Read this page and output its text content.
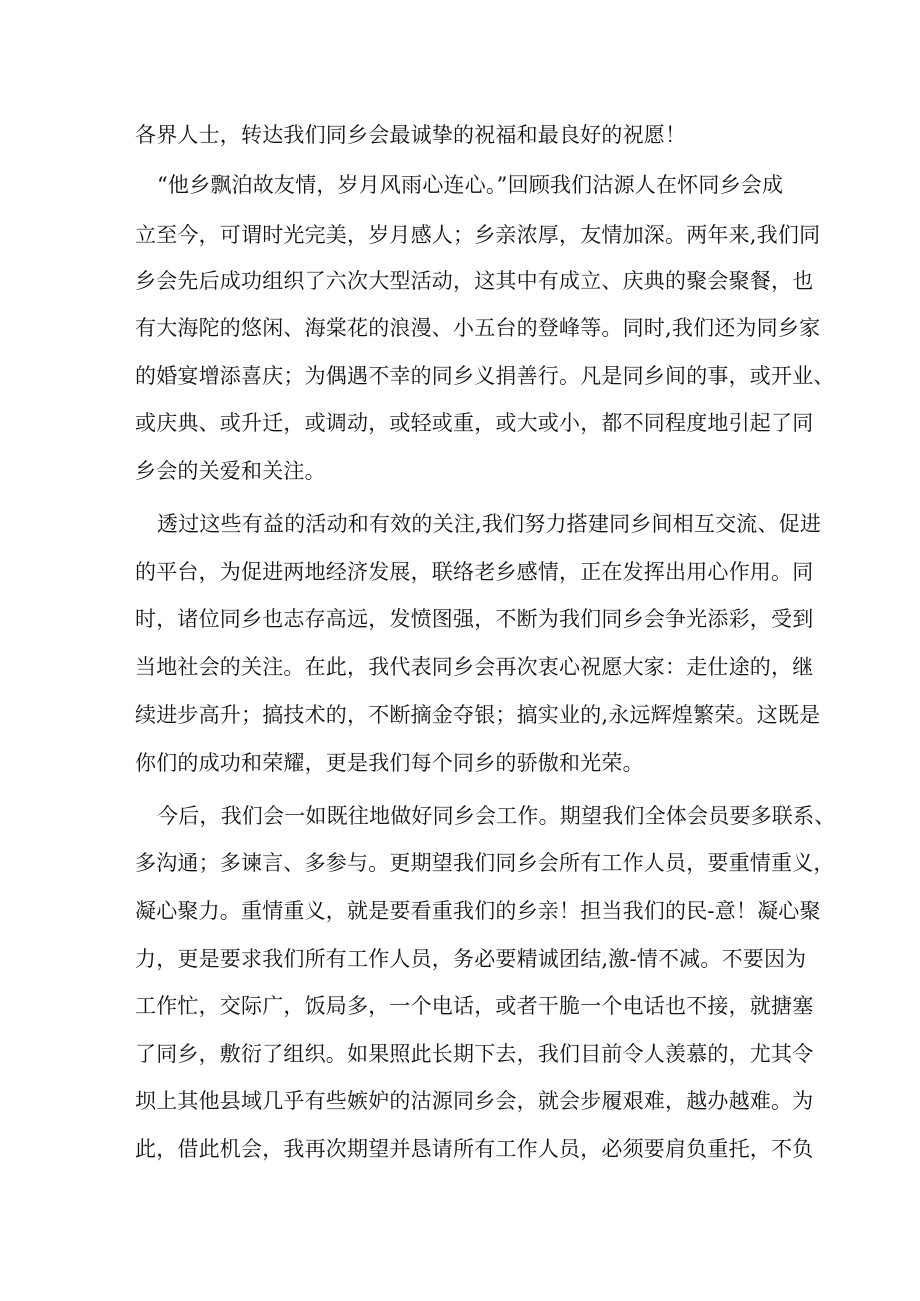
各界人士，转达我们同乡会最诚挚的祝福和最良好的祝愿！
“他乡飘泊故友情，岁月风雨心连心。”回顾我们沽源人在怀同乡会成
立至今，可谓时光完美，岁月感人；乡亲浓厚，友情加深。两年来,我们同
乡会先后成功组织了六次大型活动，这其中有成立、庆典的聚会聚餐，也
有大海陀的悠闲、海棠花的浪漫、小五台的登峰等。同时,我们还为同乡家
的婚宴增添喜庆；为偶遇不幸的同乡义捐善行。凡是同乡间的事，或开业、
或庆典、或升迁，或调动，或轻或重，或大或小，都不同程度地引起了同
乡会的关爱和关注。
透过这些有益的活动和有效的关注,我们努力搭建同乡间相互交流、促进
的平台，为促进两地经济发展，联络老乡感情，正在发挥出用心作用。同
时，诸位同乡也志存高远，发愤图强，不断为我们同乡会争光添彩，受到
当地社会的关注。在此，我代表同乡会再次衷心祝愿大家：走仕途的，继
续进步高升；搞技术的，不断摘金夺银；搞实业的,永远辉煌繁荣。这既是
你们的成功和荣耀，更是我们每个同乡的骄傲和光荣。
今后，我们会一如既往地做好同乡会工作。期望我们全体会员要多联系、
多沟通；多谏言、多参与。更期望我们同乡会所有工作人员，要重情重义，
凝心聚力。重情重义，就是要看重我们的乡亲！担当我们的民-意！凝心聚
力，更是要求我们所有工作人员，务必要精诚团结,激-情不减。不要因为
工作忙，交际广，饭局多，一个电话，或者干脆一个电话也不接，就搪塞
了同乡，敷衍了组织。如果照此长期下去，我们目前令人羡慕的，尤其令
坝上其他县域几乎有些嫉妒的沽源同乡会，就会步履艰难，越办越难。为
此，借此机会，我再次期望并恳请所有工作人员，必须要肩负重托，不负
